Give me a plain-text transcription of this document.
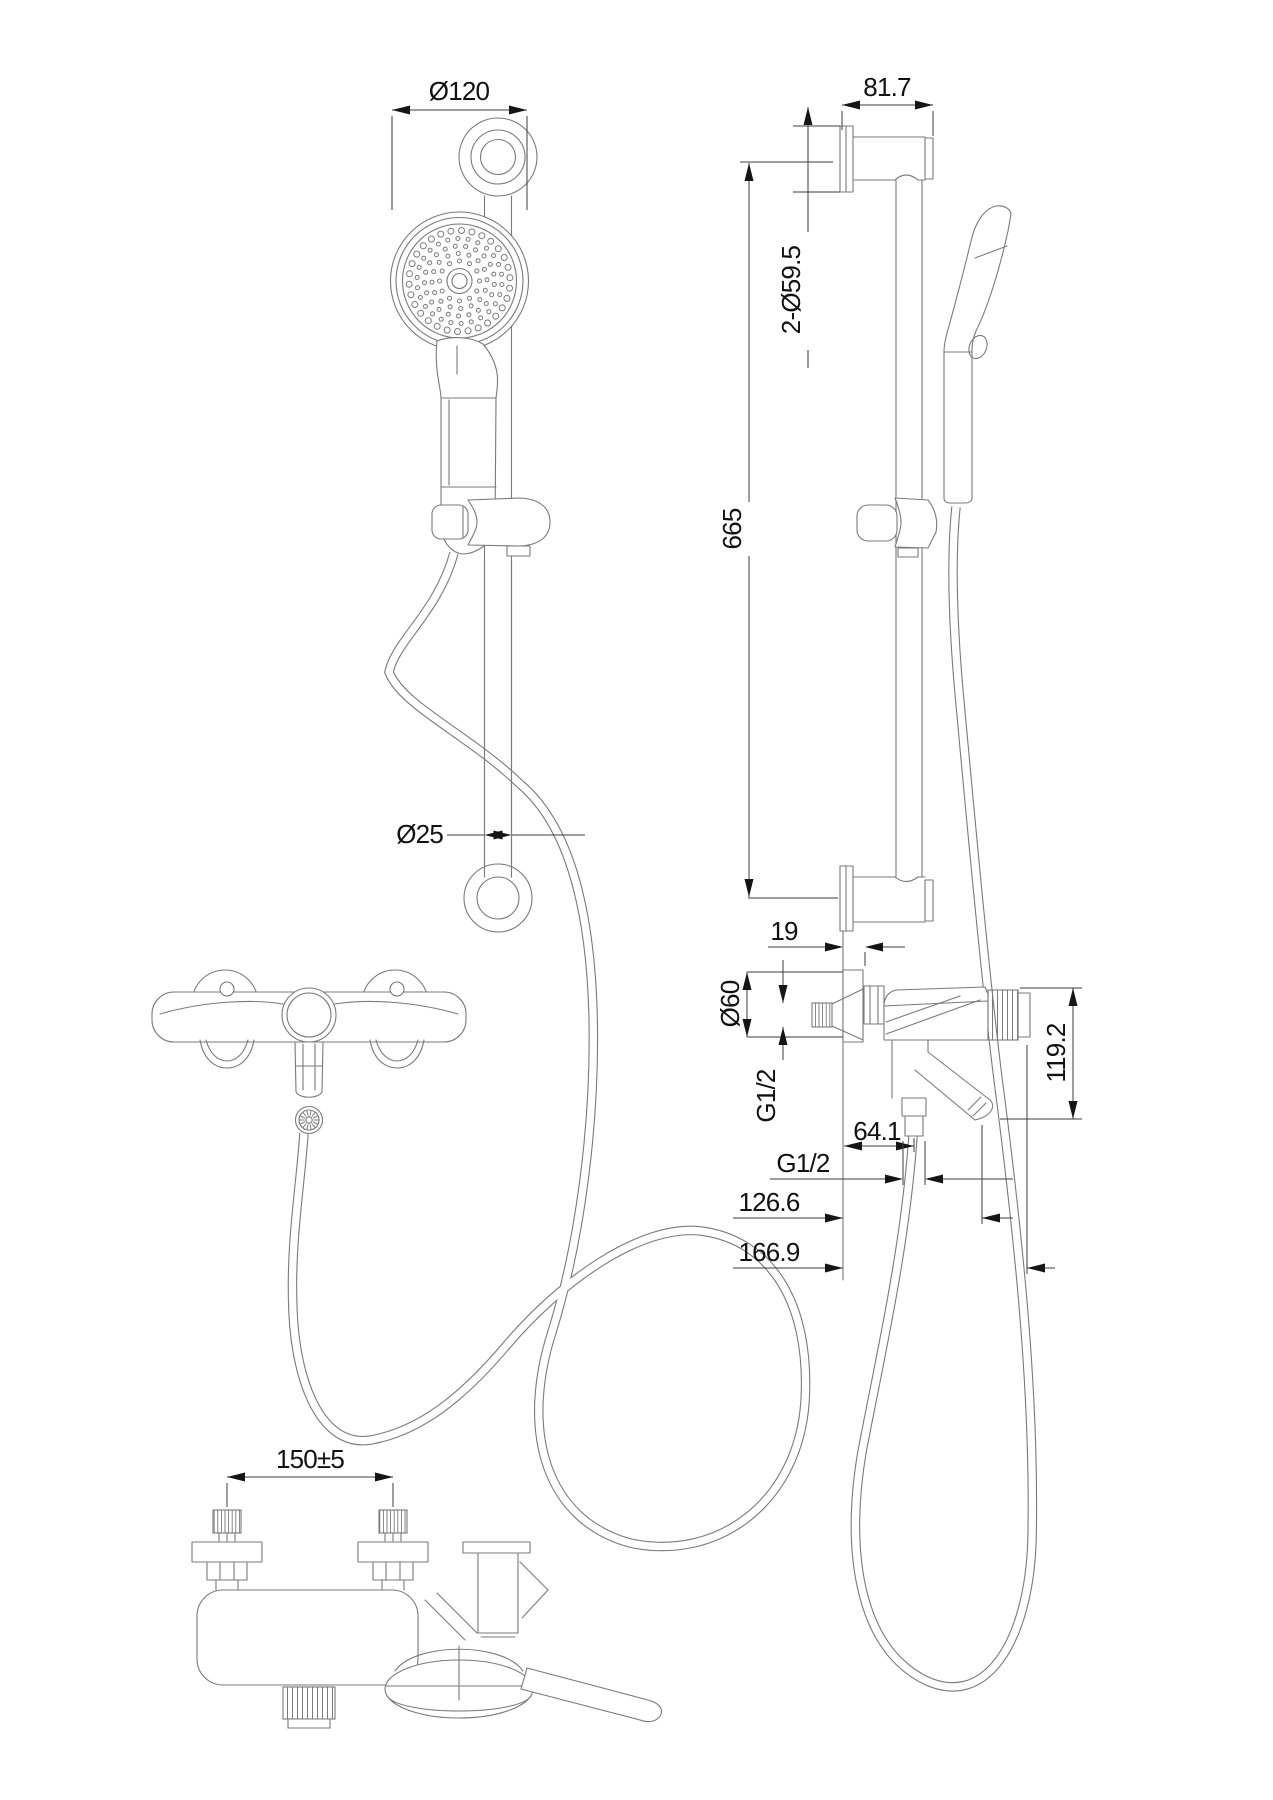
Ø120
Ø25
81.7
2-Ø59.5
665
19
Ø60
G1/2
119.2
64.1
G1/2
126.6
166.9
150±5
